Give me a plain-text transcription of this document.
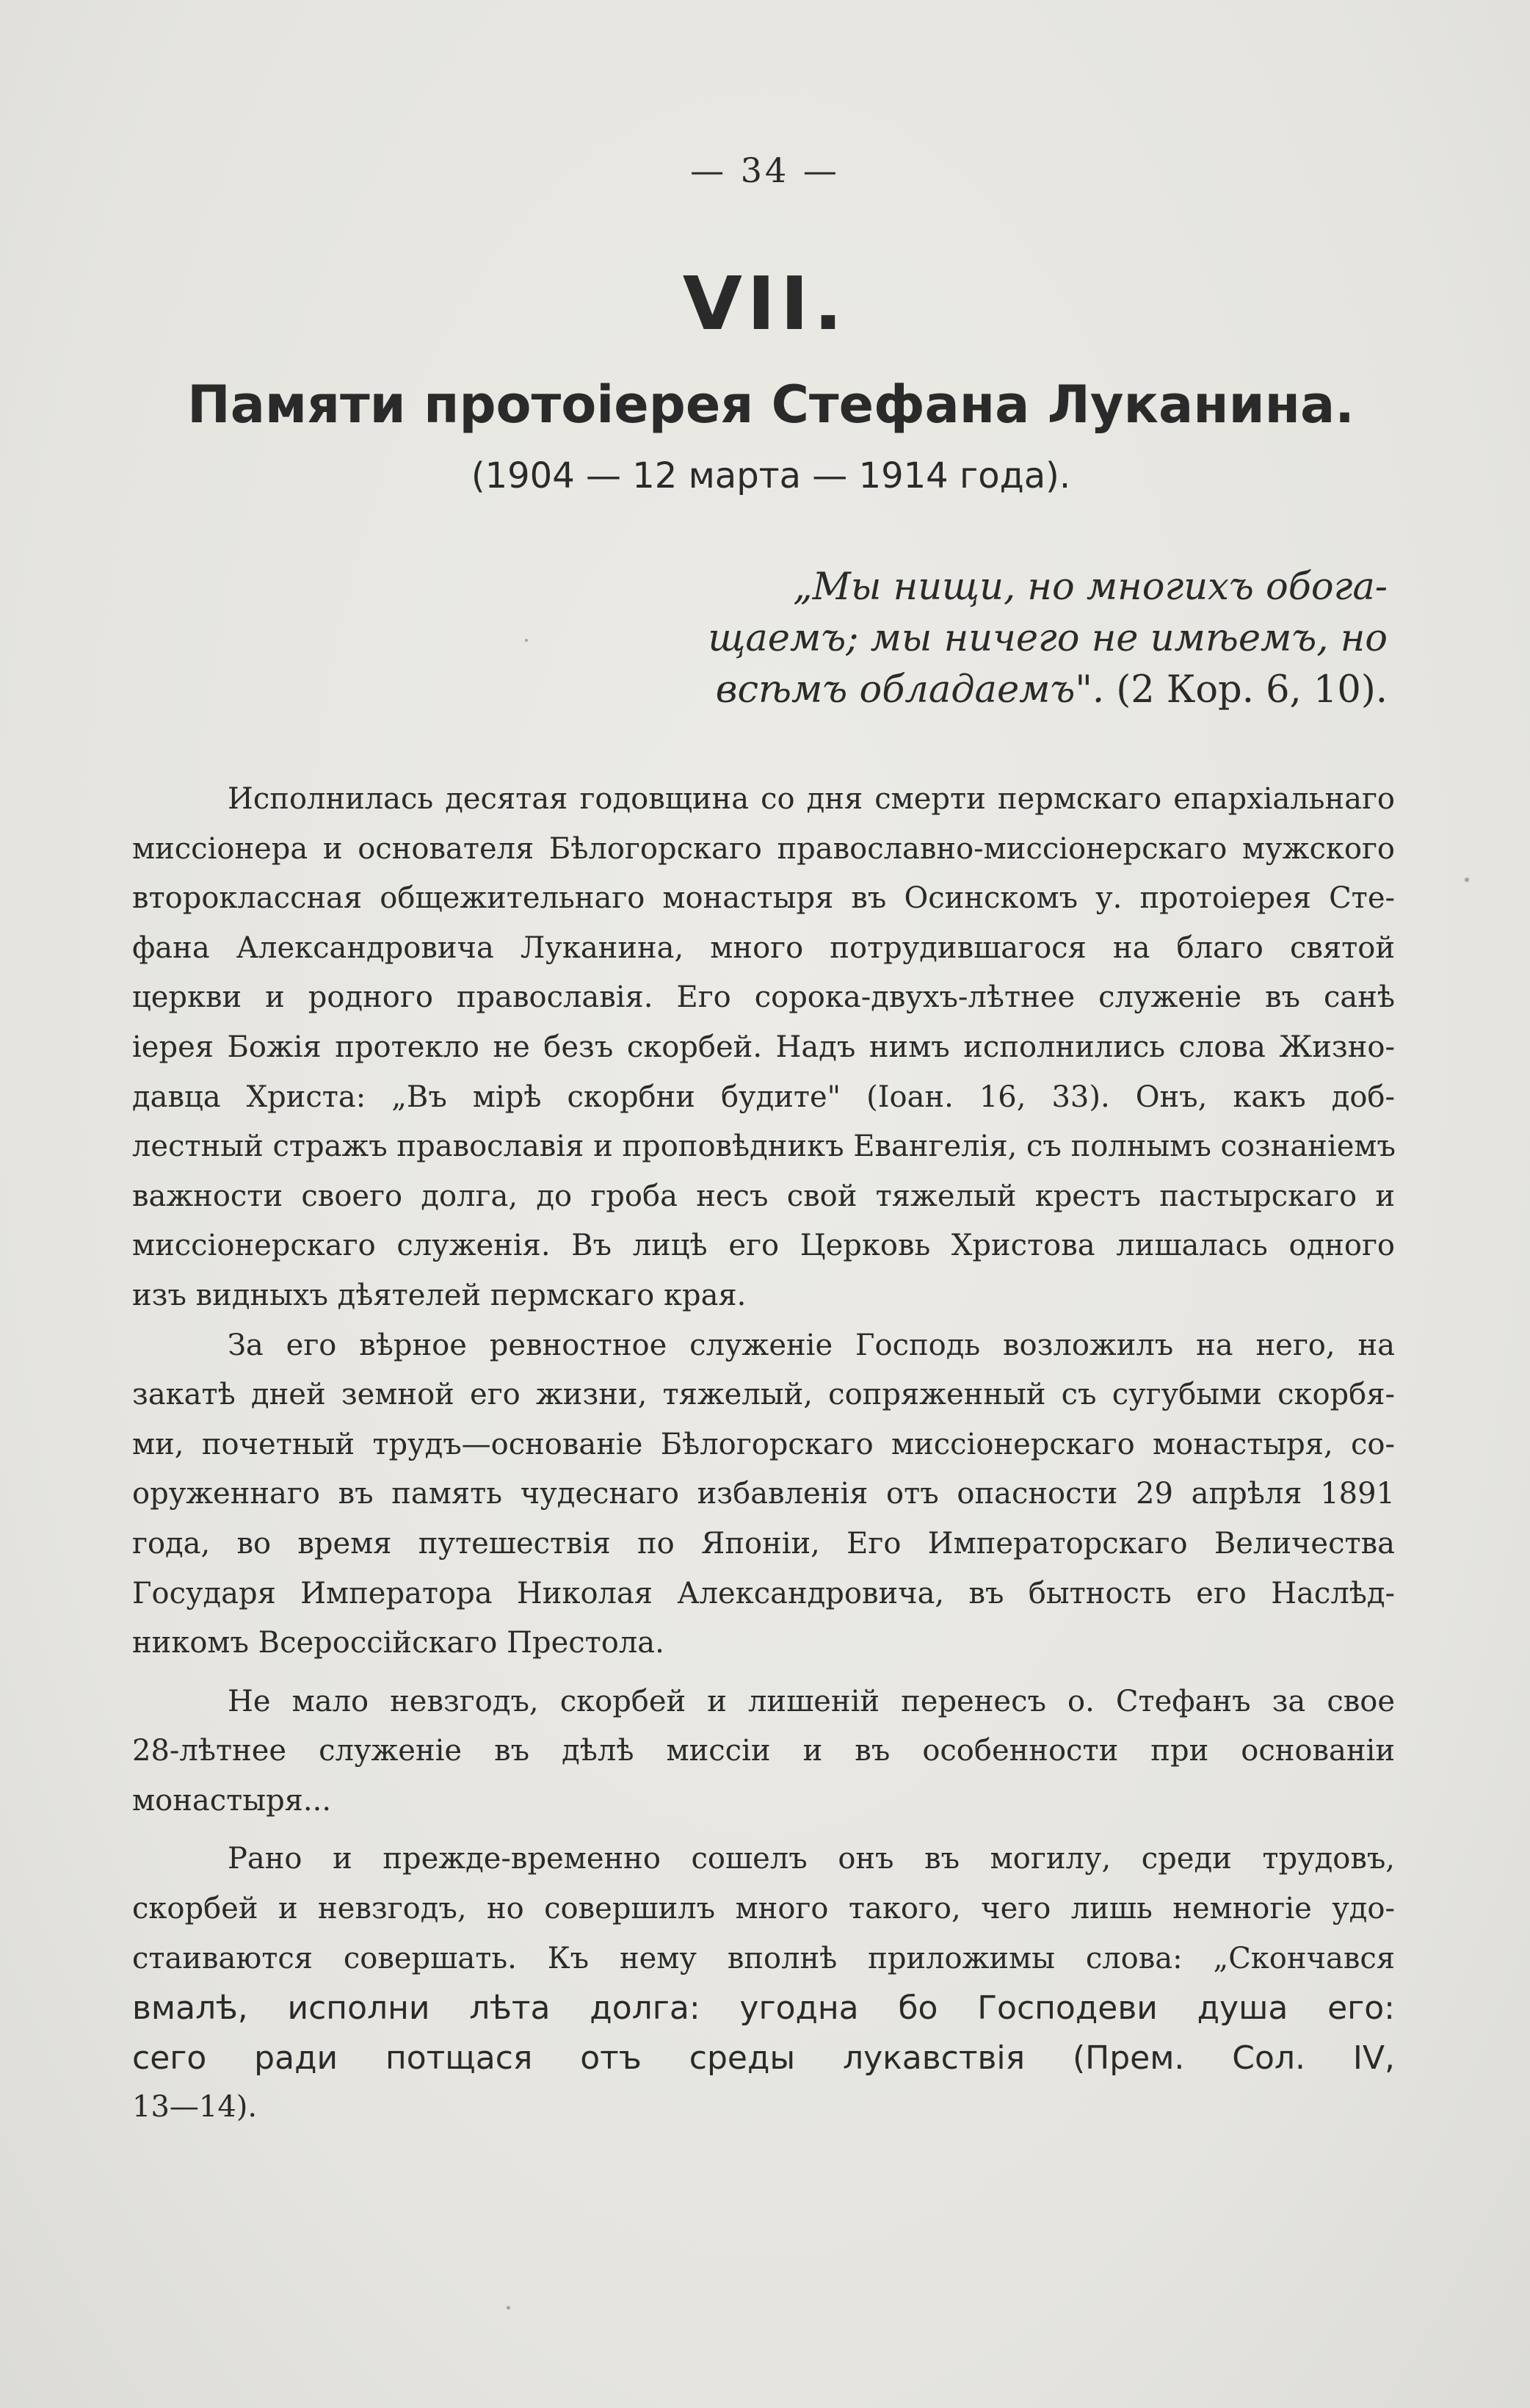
— 34 —
VII.
Памяти протоіерея Стефана Луканина.
(1904 — 12 марта — 1914 года).
„Мы нищи, но многихъ обога-
щаемъ; мы ничего не имѣемъ, но
всѣмъ обладаемъ". (2 Кор. 6, 10).
Исполнилась десятая годовщина со дня смерти пермскаго епархіальнаго
миссіонера и основателя Бѣлогорскаго православно-миссіонерскаго мужского
второклассная общежительнаго монастыря въ Осинскомъ у. протоіерея Сте-
фана Александровича Луканина, много потрудившагося на благо святой
церкви и родного православія. Его сорока-двухъ-лѣтнее служеніе въ санѣ
іерея Божія протекло не безъ скорбей. Надъ нимъ исполнились слова Жизно-
давца Христа: „Въ мірѣ скорбни будите" (Іоан. 16, 33). Онъ, какъ доб-
лестный стражъ православія и проповѣдникъ Евангелія, съ полнымъ сознаніемъ
важности своего долга, до гроба несъ свой тяжелый крестъ пастырскаго и
миссіонерскаго служенія. Въ лицѣ его Церковь Христова лишалась одного
изъ видныхъ дѣятелей пермскаго края.
За его вѣрное ревностное служеніе Господь возложилъ на него, на
закатѣ дней земной его жизни, тяжелый, сопряженный съ сугубыми скорбя-
ми, почетный трудъ—основаніе Бѣлогорскаго миссіонерскаго монастыря, со-
оруженнаго въ память чудеснаго избавленія отъ опасности 29 апрѣля 1891
года, во время путешествія по Японіи, Его Императорскаго Величества
Государя Императора Николая Александровича, въ бытность его Наслѣд-
никомъ Всероссійскаго Престола.
Не мало невзгодъ, скорбей и лишеній перенесъ о. Стефанъ за свое
28-лѣтнее служеніе въ дѣлѣ миссіи и въ особенности при основаніи
монастыря...
Рано и прежде-временно сошелъ онъ въ могилу, среди трудовъ,
скорбей и невзгодъ, но совершилъ много такого, чего лишь немногіе удо-
стаиваются совершать. Къ нему вполнѣ приложимы слова: „Скончався
вмалѣ, исполни лѣта долга: угодна бо Господеви душа его:
сего ради потщася отъ среды лукавствія (Прем. Сол. IV,
13—14).
